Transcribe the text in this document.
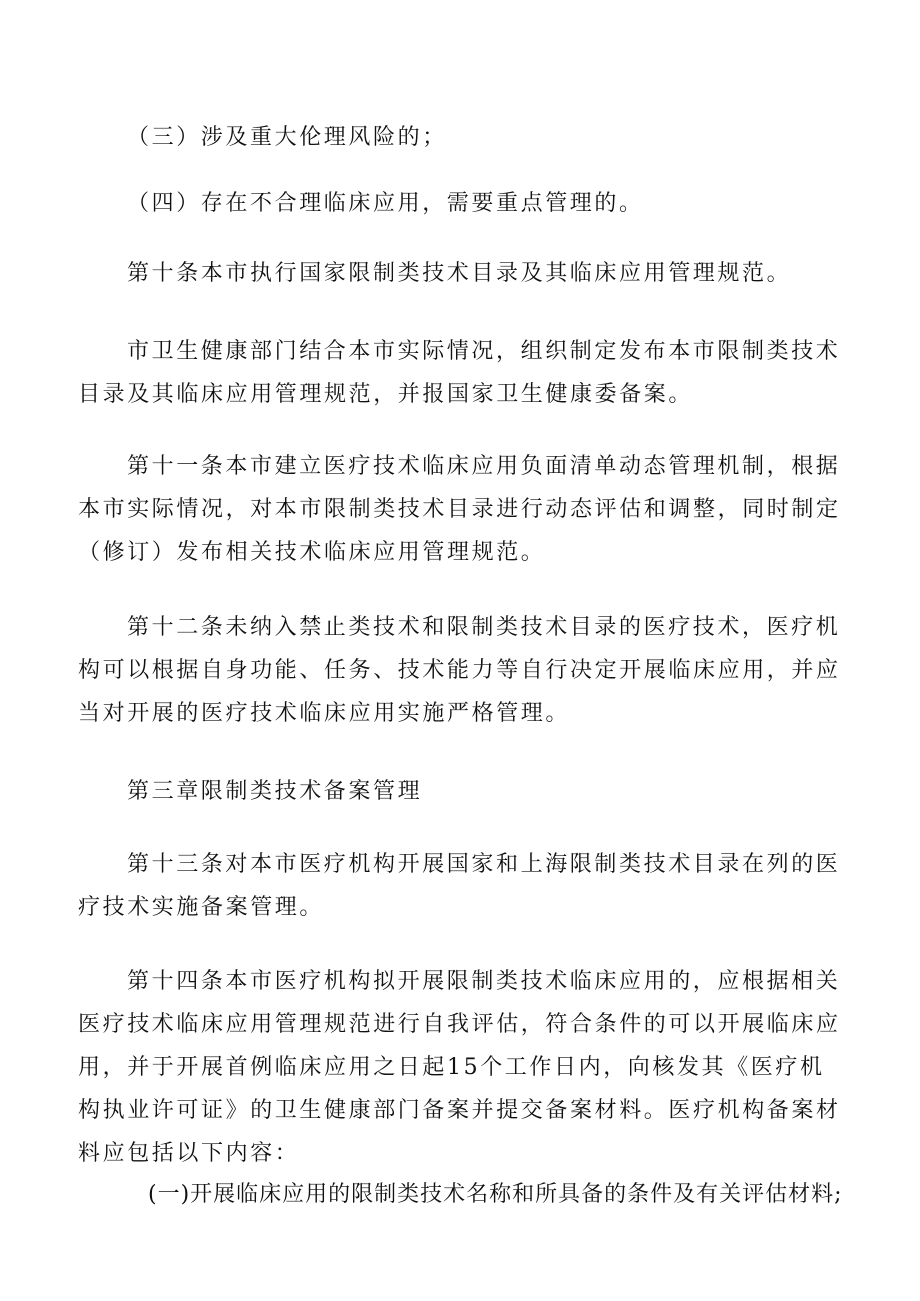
（三）涉及重大伦理风险的；

（四）存在不合理临床应用，需要重点管理的。

第十条本市执行国家限制类技术目录及其临床应用管理规范。

市卫生健康部门结合本市实际情况，组织制定发布本市限制类技术目录及其临床应用管理规范，并报国家卫生健康委备案。

第十一条本市建立医疗技术临床应用负面清单动态管理机制，根据本市实际情况，对本市限制类技术目录进行动态评估和调整，同时制定（修订）发布相关技术临床应用管理规范。

第十二条未纳入禁止类技术和限制类技术目录的医疗技术，医疗机构可以根据自身功能、任务、技术能力等自行决定开展临床应用，并应当对开展的医疗技术临床应用实施严格管理。

第三章限制类技术备案管理

第十三条对本市医疗机构开展国家和上海限制类技术目录在列的医疗技术实施备案管理。

第十四条本市医疗机构拟开展限制类技术临床应用的，应根据相关医疗技术临床应用管理规范进行自我评估，符合条件的可以开展临床应用，并于开展首例临床应用之日起15个工作日内，向核发其《医疗机构执业许可证》的卫生健康部门备案并提交备案材料。医疗机构备案材料应包括以下内容：

(一)开展临床应用的限制类技术名称和所具备的条件及有关评估材料;
